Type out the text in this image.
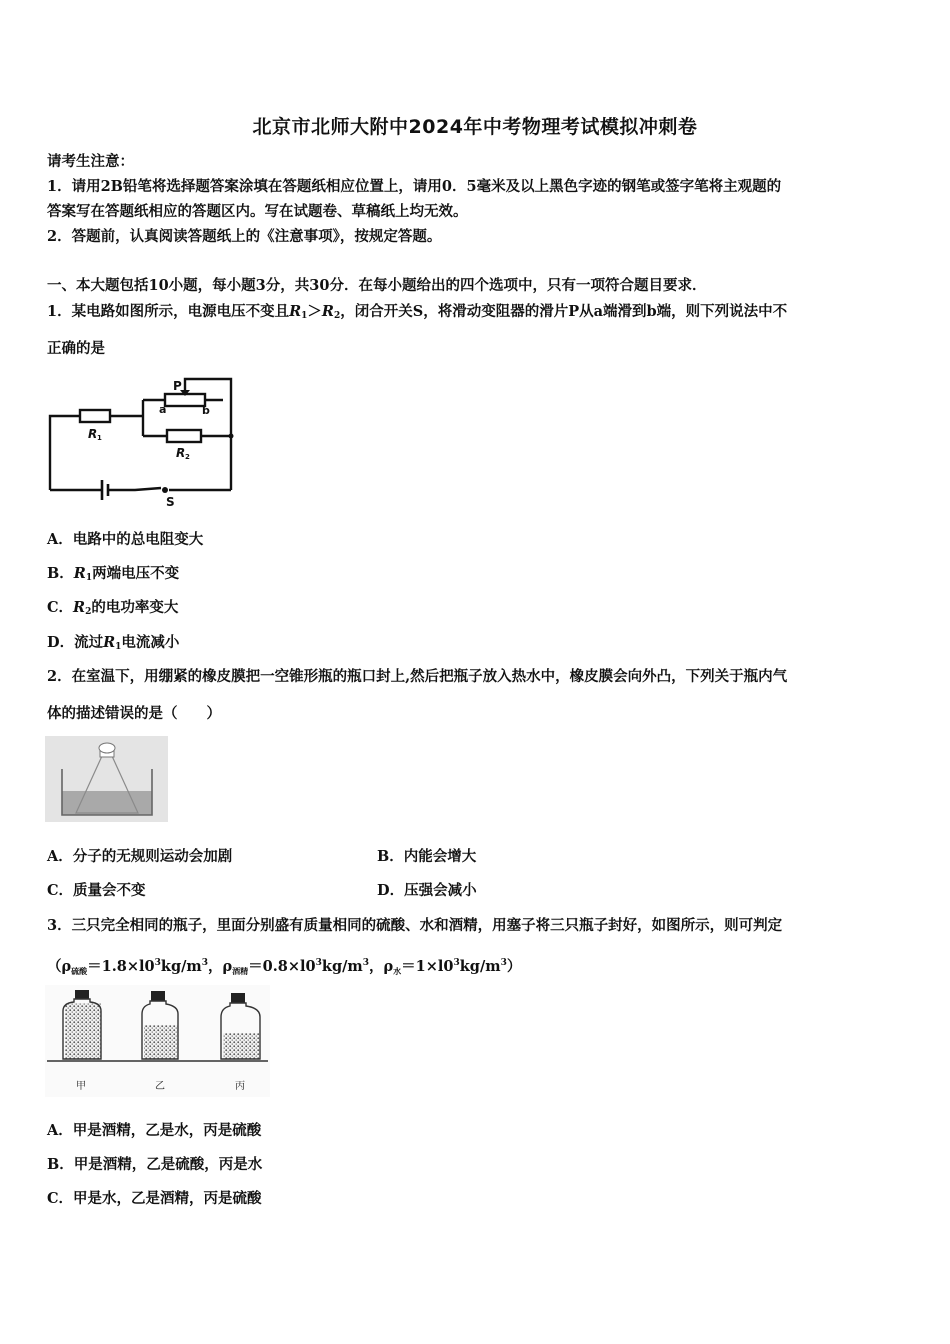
北京市北师大附中2024年中考物理考试模拟冲刺卷
请考生注意：
1．请用2B铅笔将选择题答案涂填在答题纸相应位置上，请用0．5毫米及以上黑色字迹的钢笔或签字笔将主观题的
答案写在答题纸相应的答题区内。写在试题卷、草稿纸上均无效。
2．答题前，认真阅读答题纸上的《注意事项》，按规定答题。
一、本大题包括10小题，每小题3分，共30分．在每小题给出的四个选项中，只有一项符合题目要求．
1．某电路如图所示，电源电压不变且$R_1>R_2$，闭合开关S，将滑动变阻器的滑片P从a端滑到b端，则下列说法中不
正确的是
P
a	b
R 1
R 2
S
A．电路中的总电阻变大
B．$R_1$两端电压不变
C．$R_2$的电功率变大
D．流过$R_1$电流减小
2．在室温下，用绷紧的橡皮膜把一空锥形瓶的瓶口封上,然后把瓶子放入热水中，橡皮膜会向外凸，下列关于瓶内气
体的描述错误的是（　　）
A．分子的无规则运动会加剧	B．内能会增大
C．质量会不变	D．压强会减小
3．三只完全相同的瓶子，里面分别盛有质量相同的硫酸、水和酒精，用塞子将三只瓶子封好，如图所示，则可判定
（$\rho_{硫酸}=1.8\times l0^3kg/m^3$，$\rho_{酒精}=0.8\times l0^3kg/m^3$，$\rho_水=1\times l0^3kg/m^3$）
甲	乙	丙
A．甲是酒精，乙是水，丙是硫酸
B．甲是酒精，乙是硫酸，丙是水
C．甲是水，乙是酒精，丙是硫酸
